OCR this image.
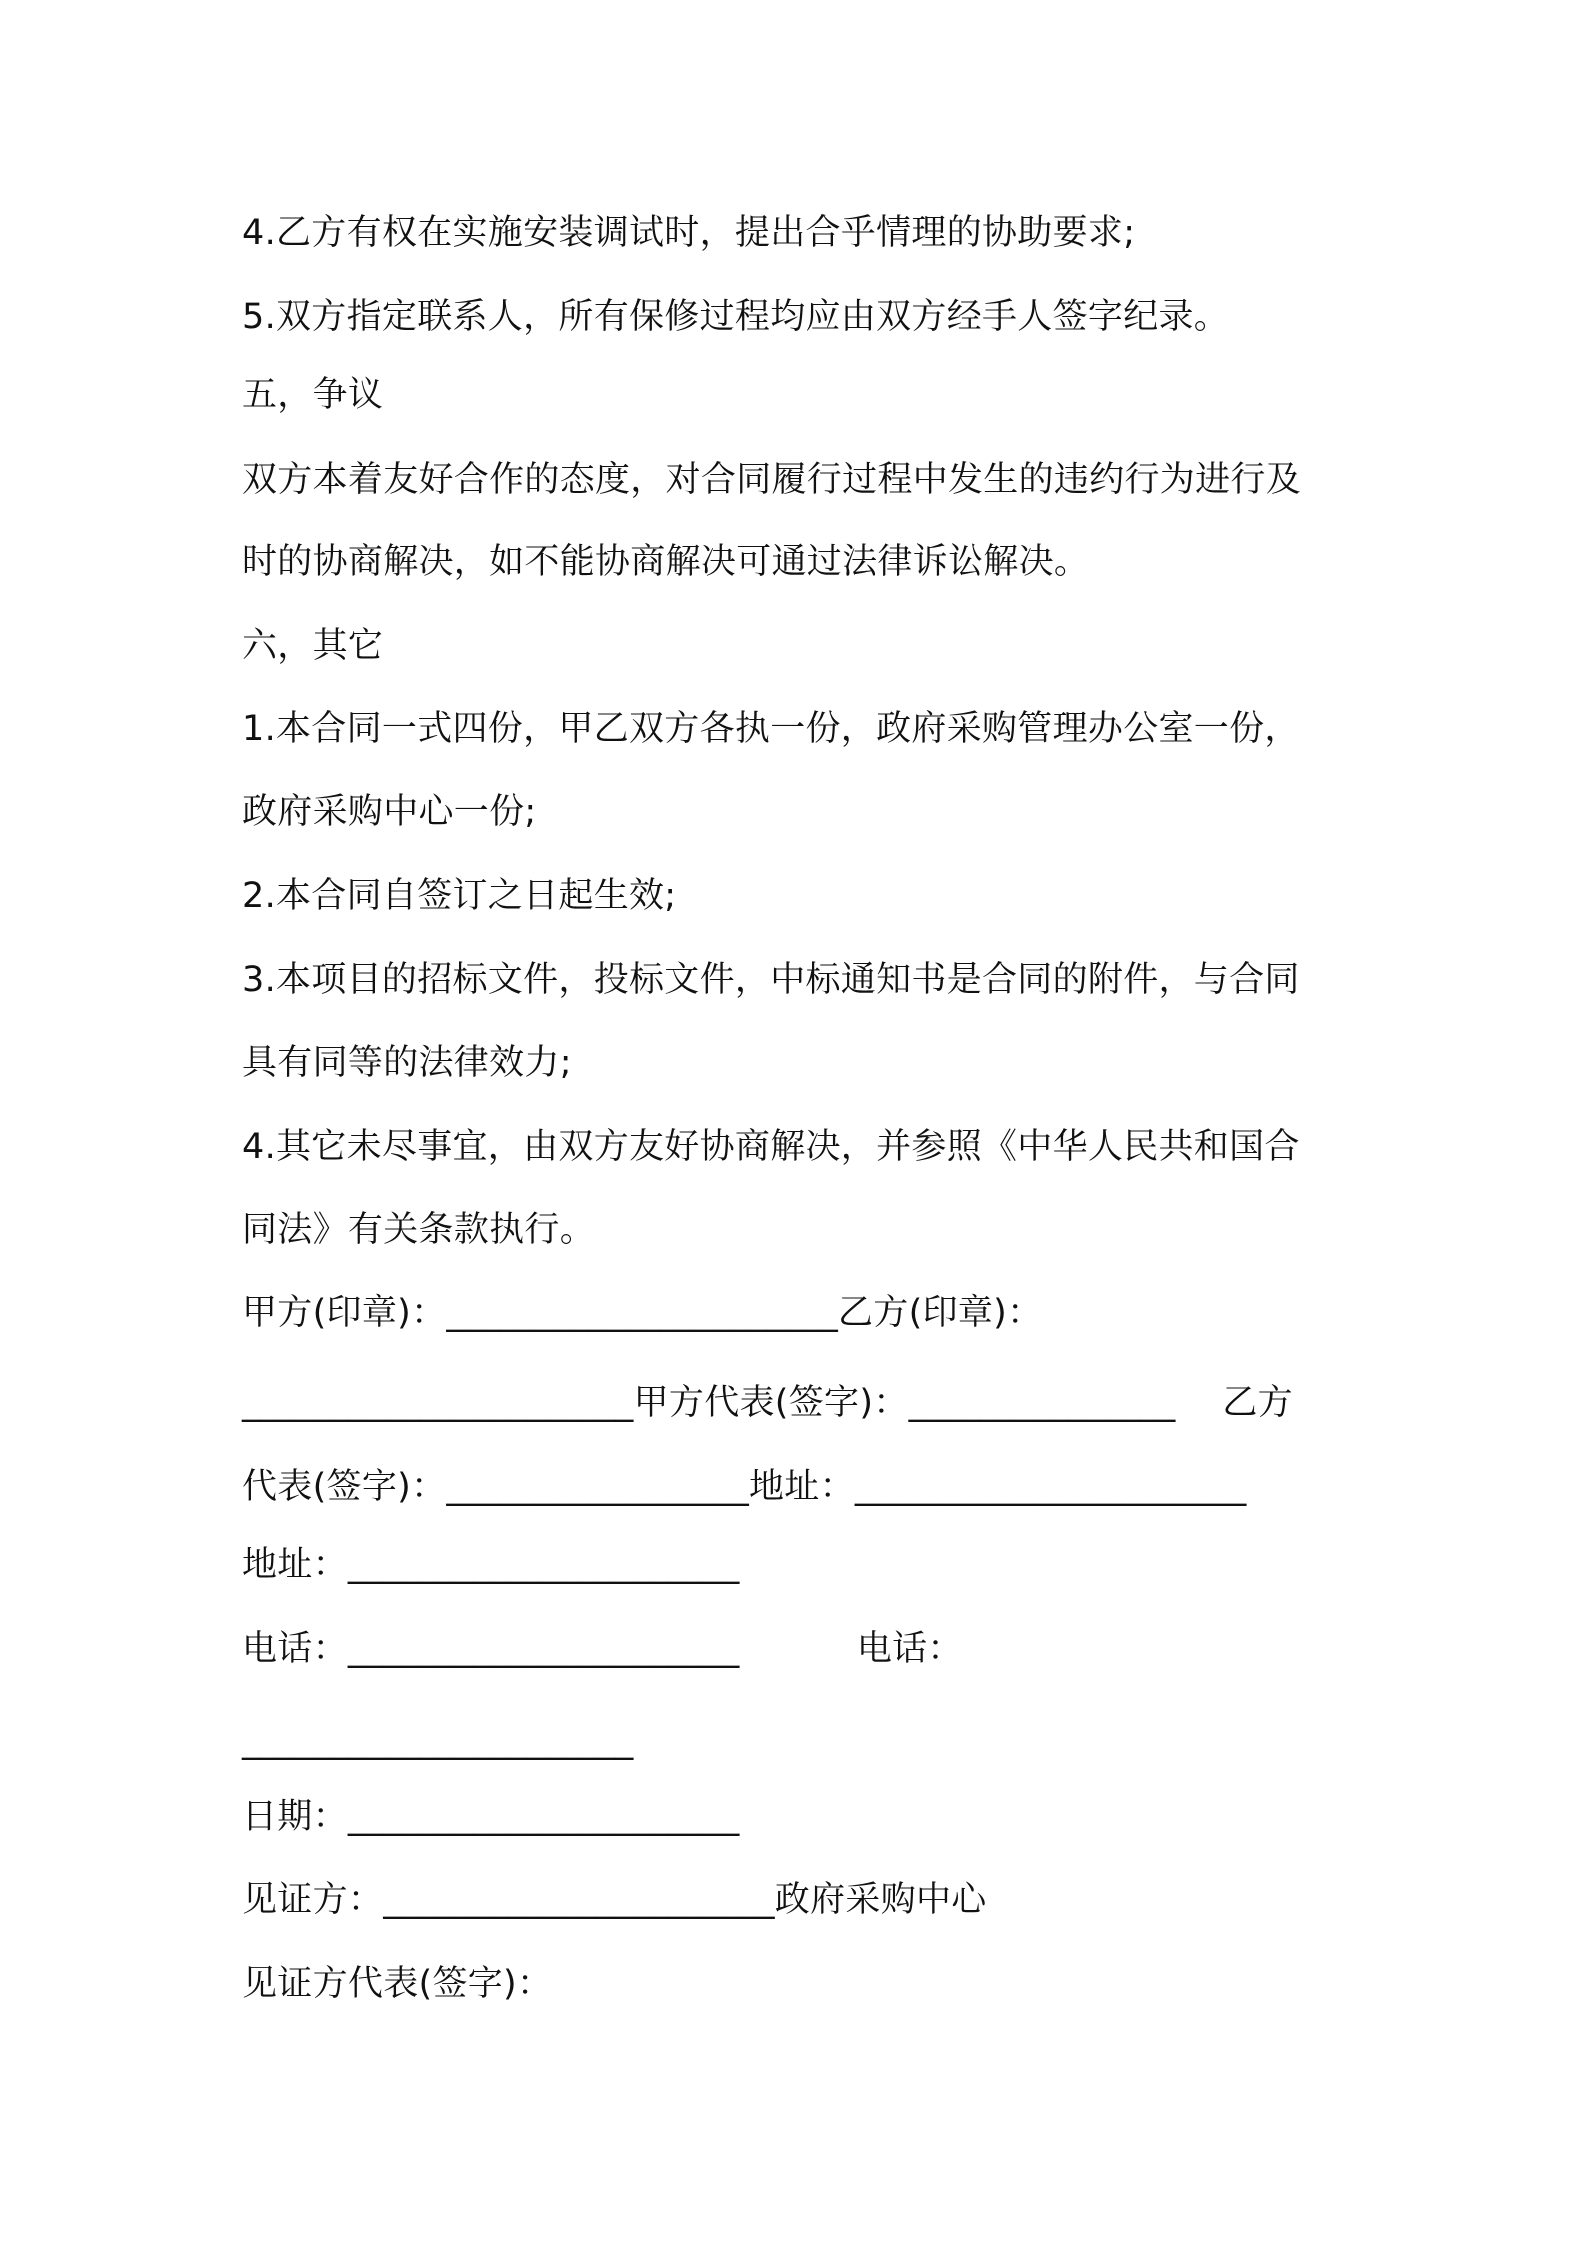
4.乙方有权在实施安装调试时，提出合乎情理的协助要求;
5.双方指定联系人，所有保修过程均应由双方经手人签字纪录。
五，争议
双方本着友好合作的态度，对合同履行过程中发生的违约行为进行及
时的协商解决，如不能协商解决可通过法律诉讼解决。
六，其它
1.本合同一式四份，甲乙双方各执一份，政府采购管理办公室一份，
政府采购中心一份;
2.本合同自签订之日起生效;
3.本项目的招标文件，投标文件，中标通知书是合同的附件，与合同
具有同等的法律效力;
4.其它未尽事宜，由双方友好协商解决，并参照《中华人民共和国合
同法》有关条款执行。
甲方(印章)：______________________乙方(印章)：
______________________甲方代表(签字)：_______________　 乙方
代表(签字)：_________________地址：______________________
地址：______________________
电话：______________________　　　 电话：
______________________
日期：______________________
见证方：______________________政府采购中心
见证方代表(签字)：
